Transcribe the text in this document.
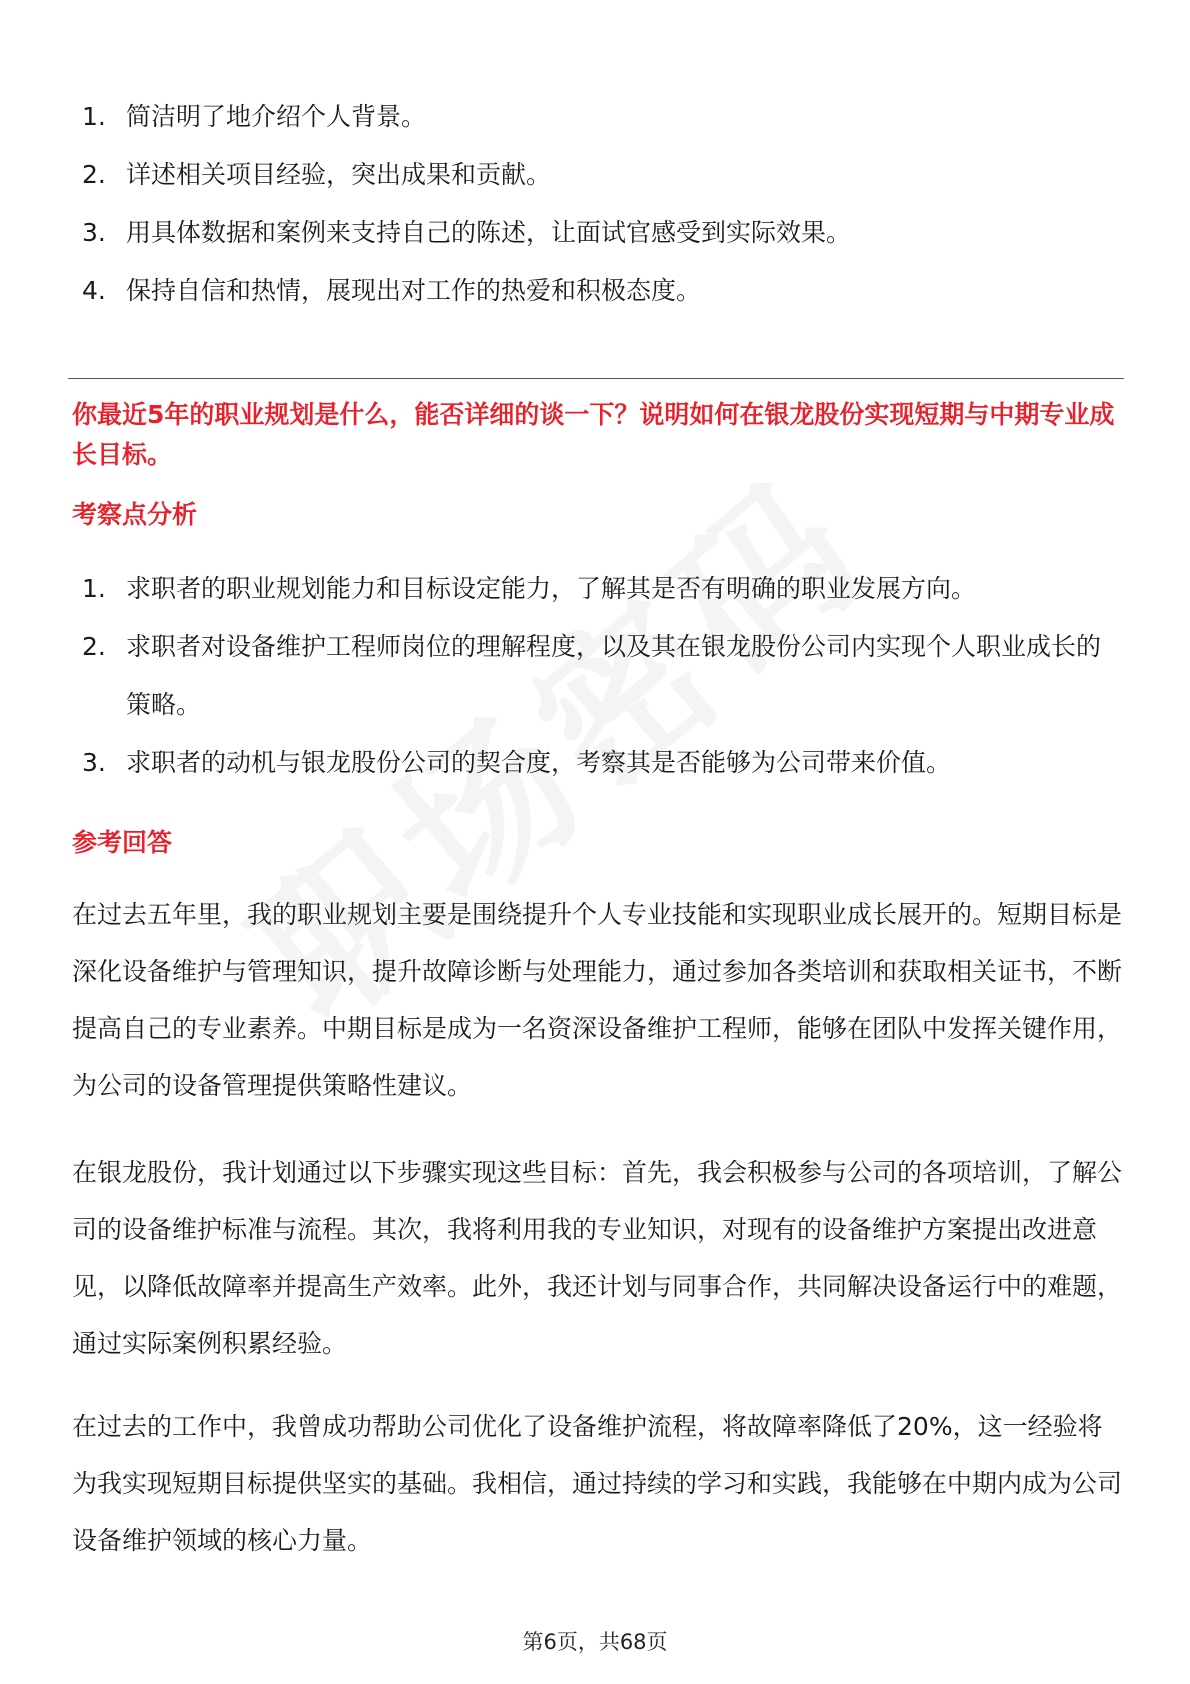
1. 简洁明了地介绍个人背景。
2. 详述相关项目经验，突出成果和贡献。
3. 用具体数据和案例来支持自己的陈述，让面试官感受到实际效果。
4. 保持自信和热情，展现出对工作的热爱和积极态度。
你最近5年的职业规划是什么，能否详细的谈一下？说明如何在银龙股份实现短期与中期专业成长目标。
考察点分析
1. 求职者的职业规划能力和目标设定能力，了解其是否有明确的职业发展方向。
2. 求职者对设备维护工程师岗位的理解程度，以及其在银龙股份公司内实现个人职业成长的策略。
3. 求职者的动机与银龙股份公司的契合度，考察其是否能够为公司带来价值。
参考回答

在过去五年里，我的职业规划主要是围绕提升个人专业技能和实现职业成长展开的。短期目标是深化设备维护与管理知识，提升故障诊断与处理能力，通过参加各类培训和获取相关证书，不断提高自己的专业素养。中期目标是成为一名资深设备维护工程师，能够在团队中发挥关键作用，为公司的设备管理提供策略性建议。

在银龙股份，我计划通过以下步骤实现这些目标：首先，我会积极参与公司的各项培训，了解公司的设备维护标准与流程。其次，我将利用我的专业知识，对现有的设备维护方案提出改进意见，以降低故障率并提高生产效率。此外，我还计划与同事合作，共同解决设备运行中的难题，通过实际案例积累经验。

在过去的工作中，我曾成功帮助公司优化了设备维护流程，将故障率降低了20%，这一经验将为我实现短期目标提供坚实的基础。我相信，通过持续的学习和实践，我能够在中期内成为公司设备维护领域的核心力量。

第6页，共68页
